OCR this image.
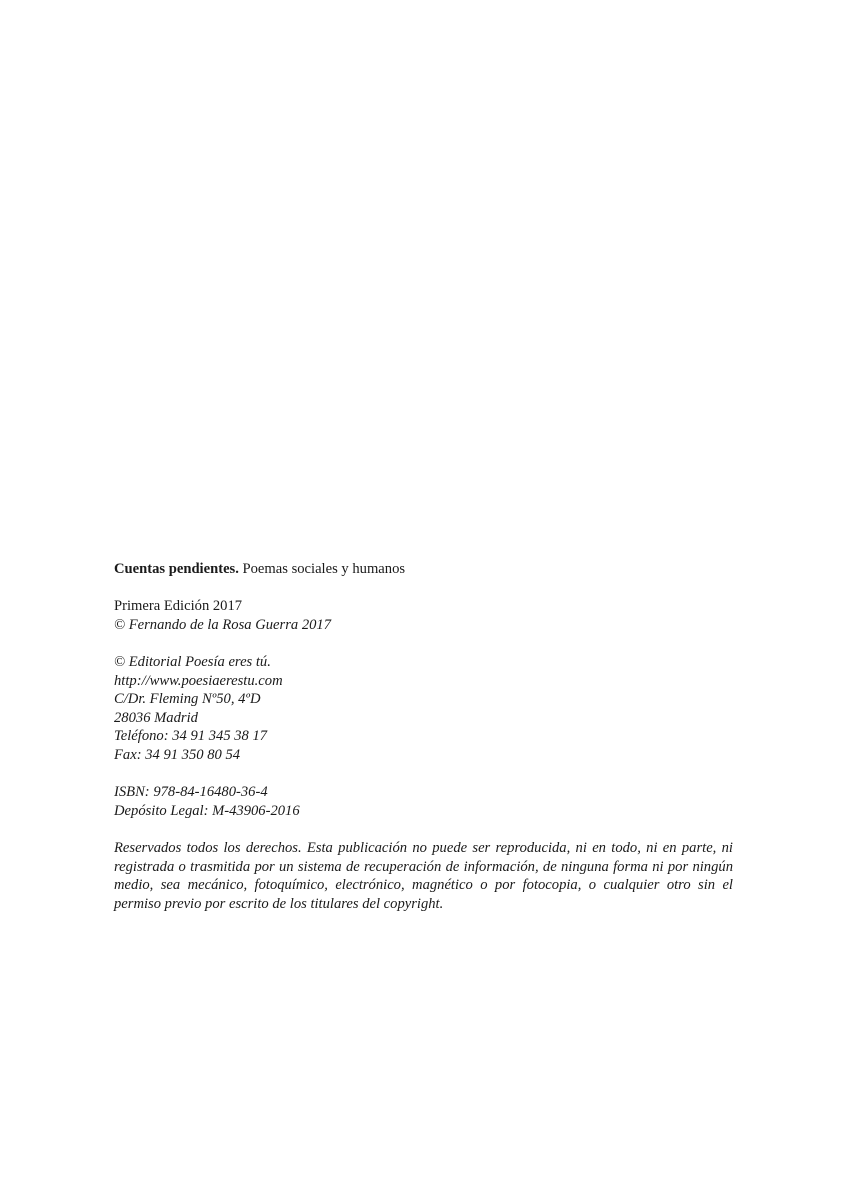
Cuentas pendientes. Poemas sociales y humanos
Primera Edición 2017
© Fernando de la Rosa Guerra 2017
© Editorial Poesía eres tú.
http://www.poesiaerestu.com
C/Dr. Fleming Nº50, 4ºD
28036 Madrid
Teléfono: 34 91 345 38 17
Fax: 34 91 350 80 54
ISBN: 978-84-16480-36-4
Depósito Legal: M-43906-2016
Reservados todos los derechos. Esta publicación no puede ser reproducida, ni en todo, ni en parte, ni registrada o trasmitida por un sistema de recuperación de información, de ninguna forma ni por ningún medio, sea mecánico, fotoquímico, electrónico, magnético o por fotocopia, o cualquier otro sin el permiso previo por escrito de los titulares del copyright.
